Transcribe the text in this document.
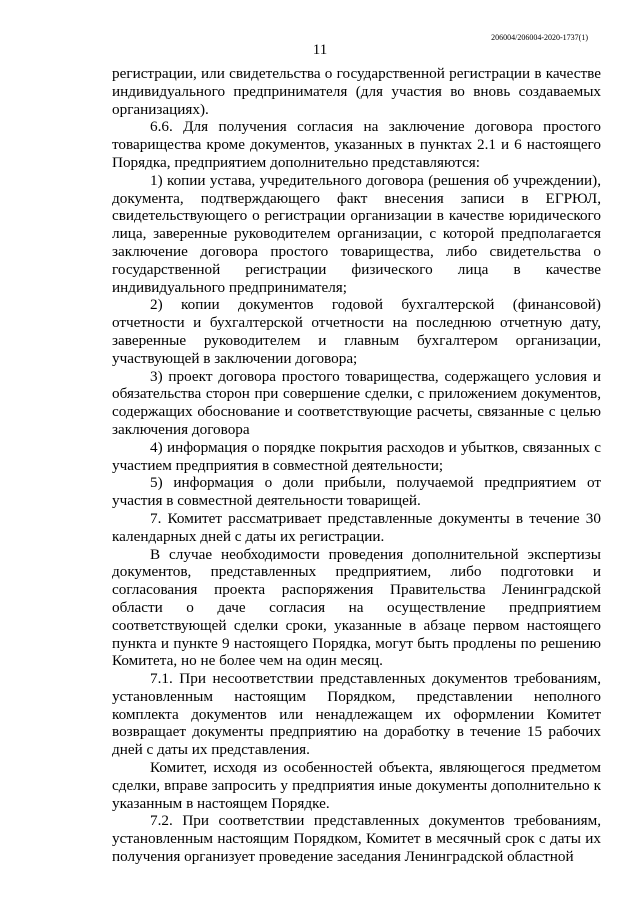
206004/206004-2020-1737(1)
11

регистрации, или свидетельства о государственной регистрации в качестве индивидуального предпринимателя (для участия во вновь создаваемых организациях).

6.6. Для получения согласия на заключение договора простого товарищества кроме документов, указанных в пунктах 2.1 и 6 настоящего Порядка, предприятием дополнительно представляются:

1) копии устава, учредительного договора (решения об учреждении), документа, подтверждающего факт внесения записи в ЕГРЮЛ, свидетельствующего о регистрации организации в качестве юридического лица, заверенные руководителем организации, с которой предполагается заключение договора простого товарищества, либо свидетельства о государственной регистрации физического лица в качестве индивидуального предпринимателя;

2) копии документов годовой бухгалтерской (финансовой) отчетности и бухгалтерской отчетности на последнюю отчетную дату, заверенные руководителем и главным бухгалтером организации, участвующей в заключении договора;

3) проект договора простого товарищества, содержащего условия и обязательства сторон при совершение сделки, с приложением документов, содержащих обоснование и соответствующие расчеты, связанные с целью заключения договора

4) информация о порядке покрытия расходов и убытков, связанных с участием предприятия в совместной деятельности;

5) информация о доли прибыли, получаемой предприятием от участия в совместной деятельности товарищей.

7. Комитет рассматривает представленные документы в течение 30 календарных дней с даты их регистрации.

В случае необходимости проведения дополнительной экспертизы документов, представленных предприятием, либо подготовки и согласования проекта распоряжения Правительства Ленинградской области о даче согласия на осуществление предприятием соответствующей сделки сроки, указанные в абзаце первом настоящего пункта и пункте 9 настоящего Порядка, могут быть продлены по решению Комитета, но не более чем на один месяц.

7.1. При несоответствии представленных документов требованиям, установленным настоящим Порядком, представлении неполного комплекта документов или ненадлежащем их оформлении Комитет возвращает документы предприятию на доработку в течение 15 рабочих дней с даты их представления.

Комитет, исходя из особенностей объекта, являющегося предметом сделки, вправе запросить у предприятия иные документы дополнительно к указанным в настоящем Порядке.

7.2. При соответствии представленных документов требованиям, установленным настоящим Порядком, Комитет в месячный срок с даты их получения организует проведение заседания Ленинградской областной
